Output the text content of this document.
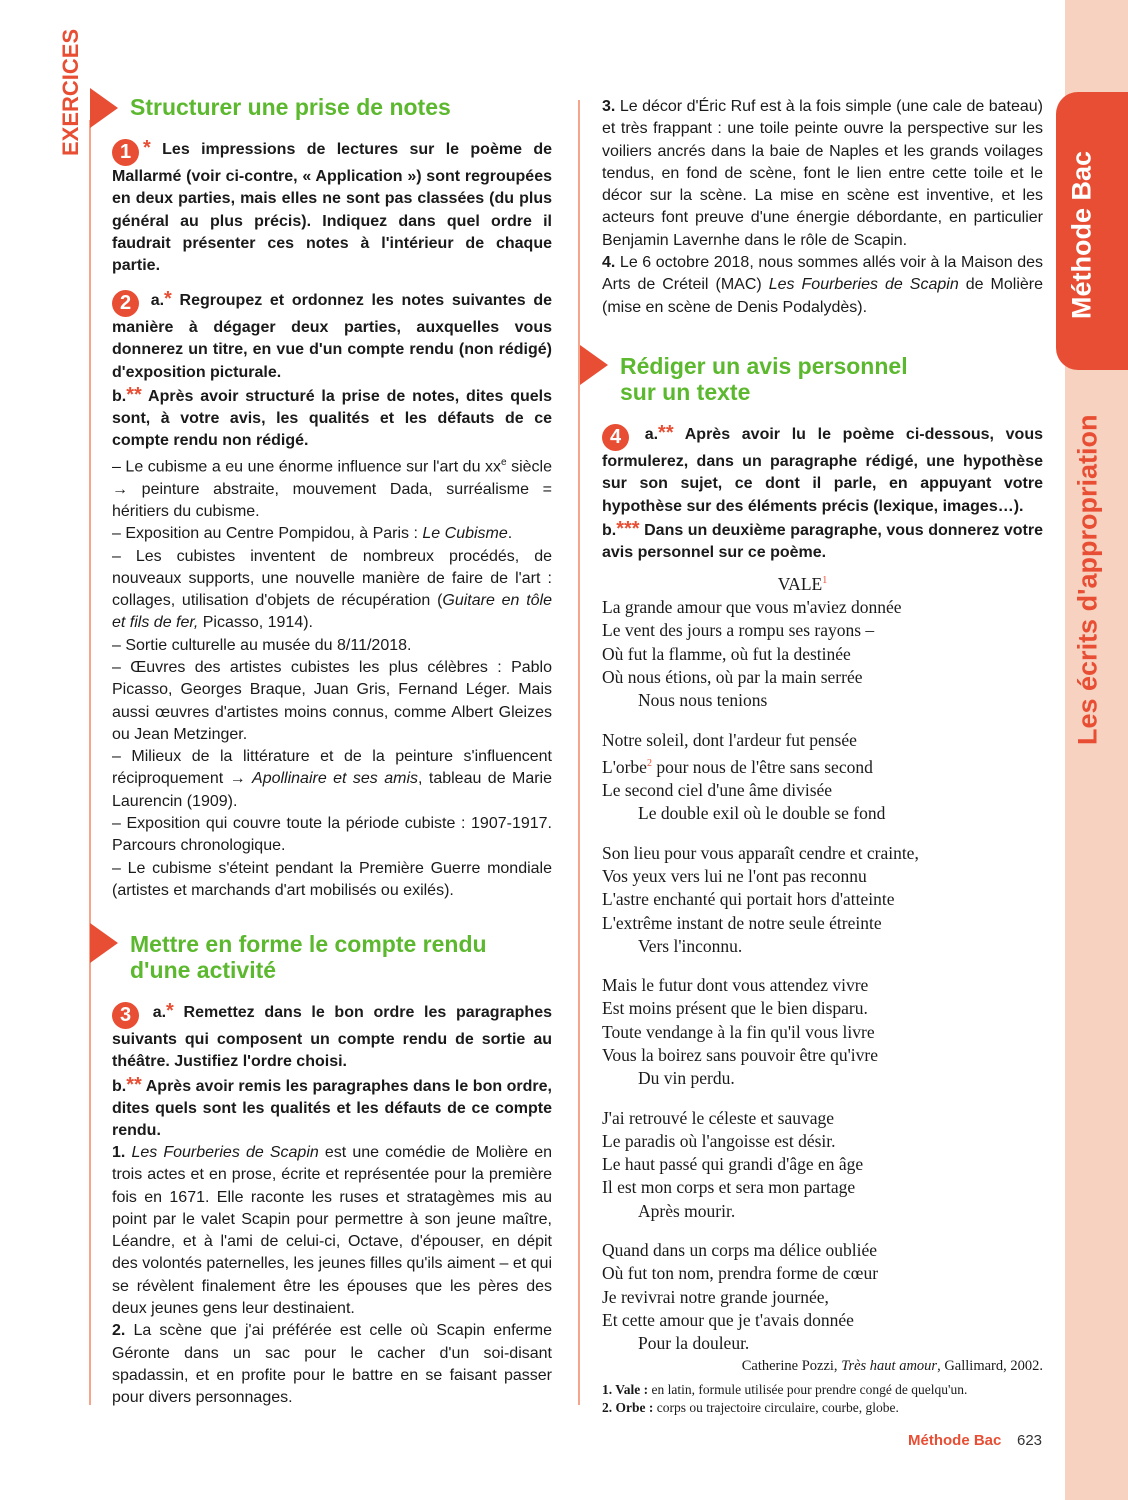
Méthode Bac
Les écrits d'appropriation
EXERCICES Structurer une prise de notes
1 * Les impressions de lectures sur le poème de Mallarmé (voir ci-contre, « Application ») sont regroupées en deux parties, mais elles ne sont pas classées (du plus général au plus précis). Indiquez dans quel ordre il faudrait présenter ces notes à l'intérieur de chaque partie.
2 a.* Regroupez et ordonnez les notes suivantes de manière à dégager deux parties, auxquelles vous donnerez un titre, en vue d'un compte rendu (non rédigé) d'exposition picturale.
b.** Après avoir structuré la prise de notes, dites quels sont, à votre avis, les qualités et les défauts de ce compte rendu non rédigé.

– Le cubisme a eu une énorme influence sur l'art du $xx^e$ siècle → peinture abstraite, mouvement Dada, surréalisme = héritiers du cubisme.

– Exposition au Centre Pompidou, à Paris : Le Cubisme.

– Les cubistes inventent de nombreux procédés, de nouveaux supports, une nouvelle manière de faire de l'art : collages, utilisation d'objets de récupération (Guitare en tôle et fils de fer, Picasso, 1914).

– Sortie culturelle au musée du 8/11/2018.

– Œuvres des artistes cubistes les plus célèbres : Pablo Picasso, Georges Braque, Juan Gris, Fernand Léger. Mais aussi œuvres d'artistes moins connus, comme Albert Gleizes ou Jean Metzinger.

– Milieux de la littérature et de la peinture s'influencent réciproquement → Apollinaire et ses amis, tableau de Marie Laurencin (1909).

– Exposition qui couvre toute la période cubiste : 1907-1917. Parcours chronologique.

– Le cubisme s'éteint pendant la Première Guerre mondiale (artistes et marchands d'art mobilisés ou exilés).

Mettre en forme le compte rendu d'une activité
3 a.* Remettez dans le bon ordre les paragraphes suivants qui composent un compte rendu de sortie au théâtre. Justifiez l'ordre choisi.
b.** Après avoir remis les paragraphes dans le bon ordre, dites quels sont les qualités et les défauts de ce compte rendu.

1. Les Fourberies de Scapin est une comédie de Molière en trois actes et en prose, écrite et représentée pour la première fois en 1671. Elle raconte les ruses et stratagèmes mis au point par le valet Scapin pour permettre à son jeune maître, Léandre, et à l'ami de celui-ci, Octave, d'épouser, en dépit des volontés paternelles, les jeunes filles qu'ils aiment – et qui se révèlent finalement être les épouses que les pères des deux jeunes gens leur destinaient.

2. La scène que j'ai préférée est celle où Scapin enferme Géronte dans un sac pour le cacher d'un soi-disant spadassin, et en profite pour le battre en se faisant passer pour divers personnages.

3. Le décor d'Éric Ruf est à la fois simple (une cale de bateau) et très frappant : une toile peinte ouvre la perspective sur les voiliers ancrés dans la baie de Naples et les grands voilages tendus, en fond de scène, font le lien entre cette toile et le décor sur la scène. La mise en scène est inventive, et les acteurs font preuve d'une énergie débordante, en particulier Benjamin Lavernhe dans le rôle de Scapin.

4. Le 6 octobre 2018, nous sommes allés voir à la Maison des Arts de Créteil (MAC) Les Fourberies de Scapin de Molière (mise en scène de Denis Podalydès).

Rédiger un avis personnel sur un texte
4 a.** Après avoir lu le poème ci-dessous, vous formulerez, dans un paragraphe rédigé, une hypothèse sur son sujet, ce dont il parle, en appuyant votre hypothèse sur des éléments précis (lexique, images…).
b.*** Dans un deuxième paragraphe, vous donnerez votre avis personnel sur ce poème.
VALE$^1$
La grande amour que vous m'aviez donnée
Le vent des jours a rompu ses rayons –
Où fut la flamme, où fut la destinée
Où nous étions, où par la main serrée
Nous nous tenions
Notre soleil, dont l'ardeur fut pensée
L'orbe$^2$ pour nous de l'être sans second
Le second ciel d'une âme divisée
Le double exil où le double se fond
Son lieu pour vous apparaît cendre et crainte,
Vos yeux vers lui ne l'ont pas reconnu
L'astre enchanté qui portait hors d'atteinte
L'extrême instant de notre seule étreinte
Vers l'inconnu.
Mais le futur dont vous attendez vivre
Est moins présent que le bien disparu.
Toute vendange à la fin qu'il vous livre
Vous la boirez sans pouvoir être qu'ivre
Du vin perdu.
J'ai retrouvé le céleste et sauvage
Le paradis où l'angoisse est désir.
Le haut passé qui grandi d'âge en âge
Il est mon corps et sera mon partage
Après mourir.
Quand dans un corps ma délice oubliée
Où fut ton nom, prendra forme de cœur
Je revivrai notre grande journée,
Et cette amour que je t'avais donnée
Pour la douleur.
Catherine Pozzi, Très haut amour, Gallimard, 2002.
1. Vale : en latin, formule utilisée pour prendre congé de quelqu'un.
2. Orbe : corps ou trajectoire circulaire, courbe, globe.
Méthode Bac 623
